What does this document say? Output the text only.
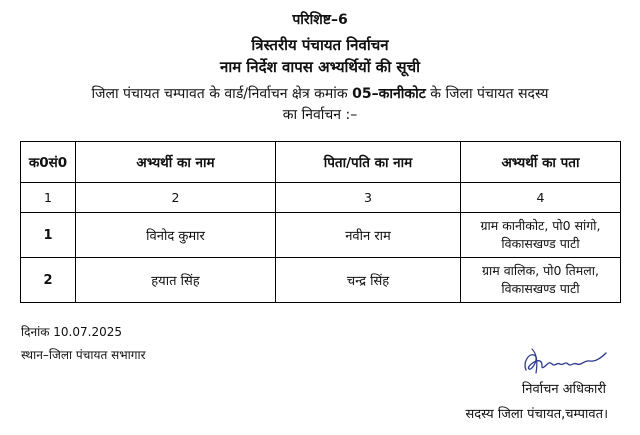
परिशिष्ट–6
त्रिस्तरीय पंचायत निर्वाचन
नाम निर्देश वापस अभ्यर्थियों की सूची
जिला पंचायत चम्पावत के वार्ड/निर्वाचन क्षेत्र कमांक 05–कानीकोट के जिला पंचायत सदस्य
का निर्वाचन :–
क0सं0	अभ्यर्थी का नाम	पिता/पति का नाम	अभ्यर्थी का पता
1	2	3	4
1	विनोद कुमार	नवीन राम	ग्राम कानीकोट, पो0 सांगो,
विकासखण्ड पाटी
2	हयात सिंह	चन्द्र सिंह	ग्राम वालिक, पो0 तिमला,
विकासखण्ड पाटी
दिनांक 10.07.2025
स्थान–जिला पंचायत सभागार
निर्वाचन अधिकारी
सदस्य जिला पंचायत,चम्पावत।
